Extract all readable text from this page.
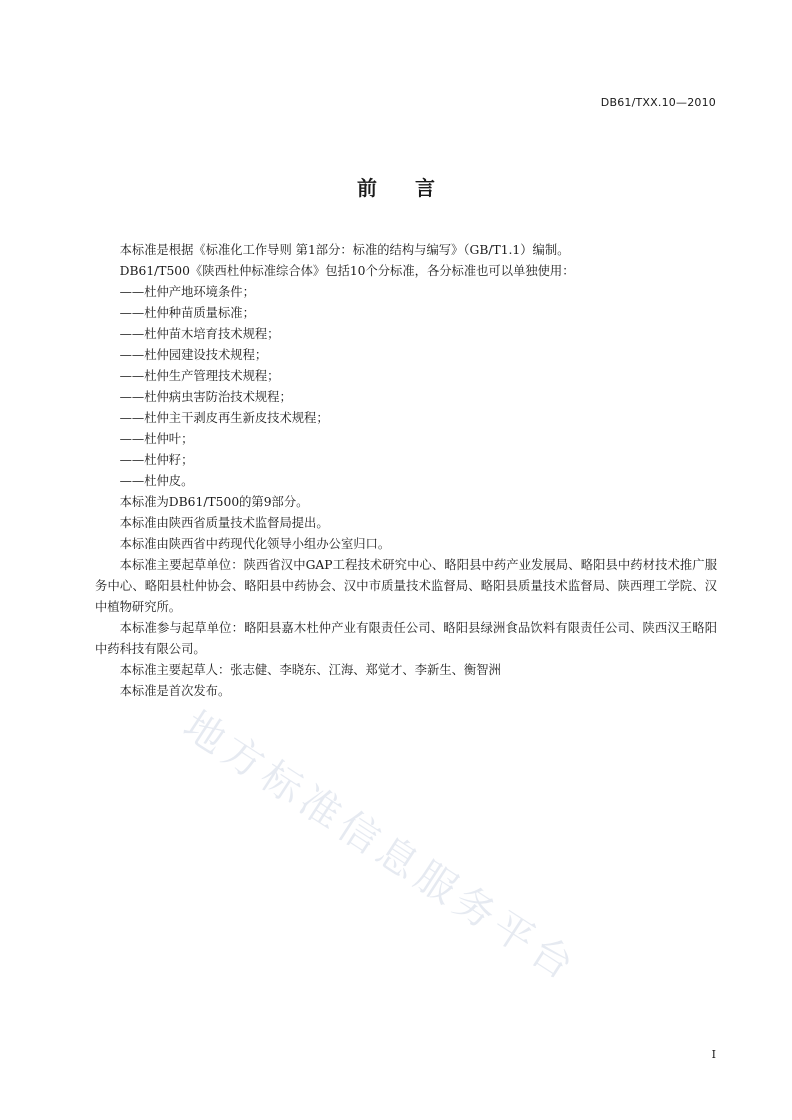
DB61/TXX.10—2010
前言

本标准是根据《标准化工作导则 第1部分：标准的结构与编写》（GB/T1.1）编制。

DB61/T500《陕西杜仲标准综合体》包括10个分标准，各分标准也可以单独使用：

——杜仲产地环境条件；

——杜仲种苗质量标准；

——杜仲苗木培育技术规程；

——杜仲园建设技术规程；

——杜仲生产管理技术规程；

——杜仲病虫害防治技术规程；

——杜仲主干剥皮再生新皮技术规程；

——杜仲叶；

——杜仲籽；

——杜仲皮。

本标准为DB61/T500的第9部分。

本标准由陕西省质量技术监督局提出。

本标准由陕西省中药现代化领导小组办公室归口。

本标准主要起草单位：陕西省汉中GAP工程技术研究中心、略阳县中药产业发展局、略阳县中药材技术推广服务中心、略阳县杜仲协会、略阳县中药协会、汉中市质量技术监督局、略阳县质量技术监督局、陕西理工学院、汉中植物研究所。

本标准参与起草单位：略阳县嘉木杜仲产业有限责任公司、略阳县绿洲食品饮料有限责任公司、陕西汉王略阳中药科技有限公司。

本标准主要起草人：张志健、李晓东、江海、郑觉才、李新生、衡智洲

本标准是首次发布。

地方标准信息服务平台
I
